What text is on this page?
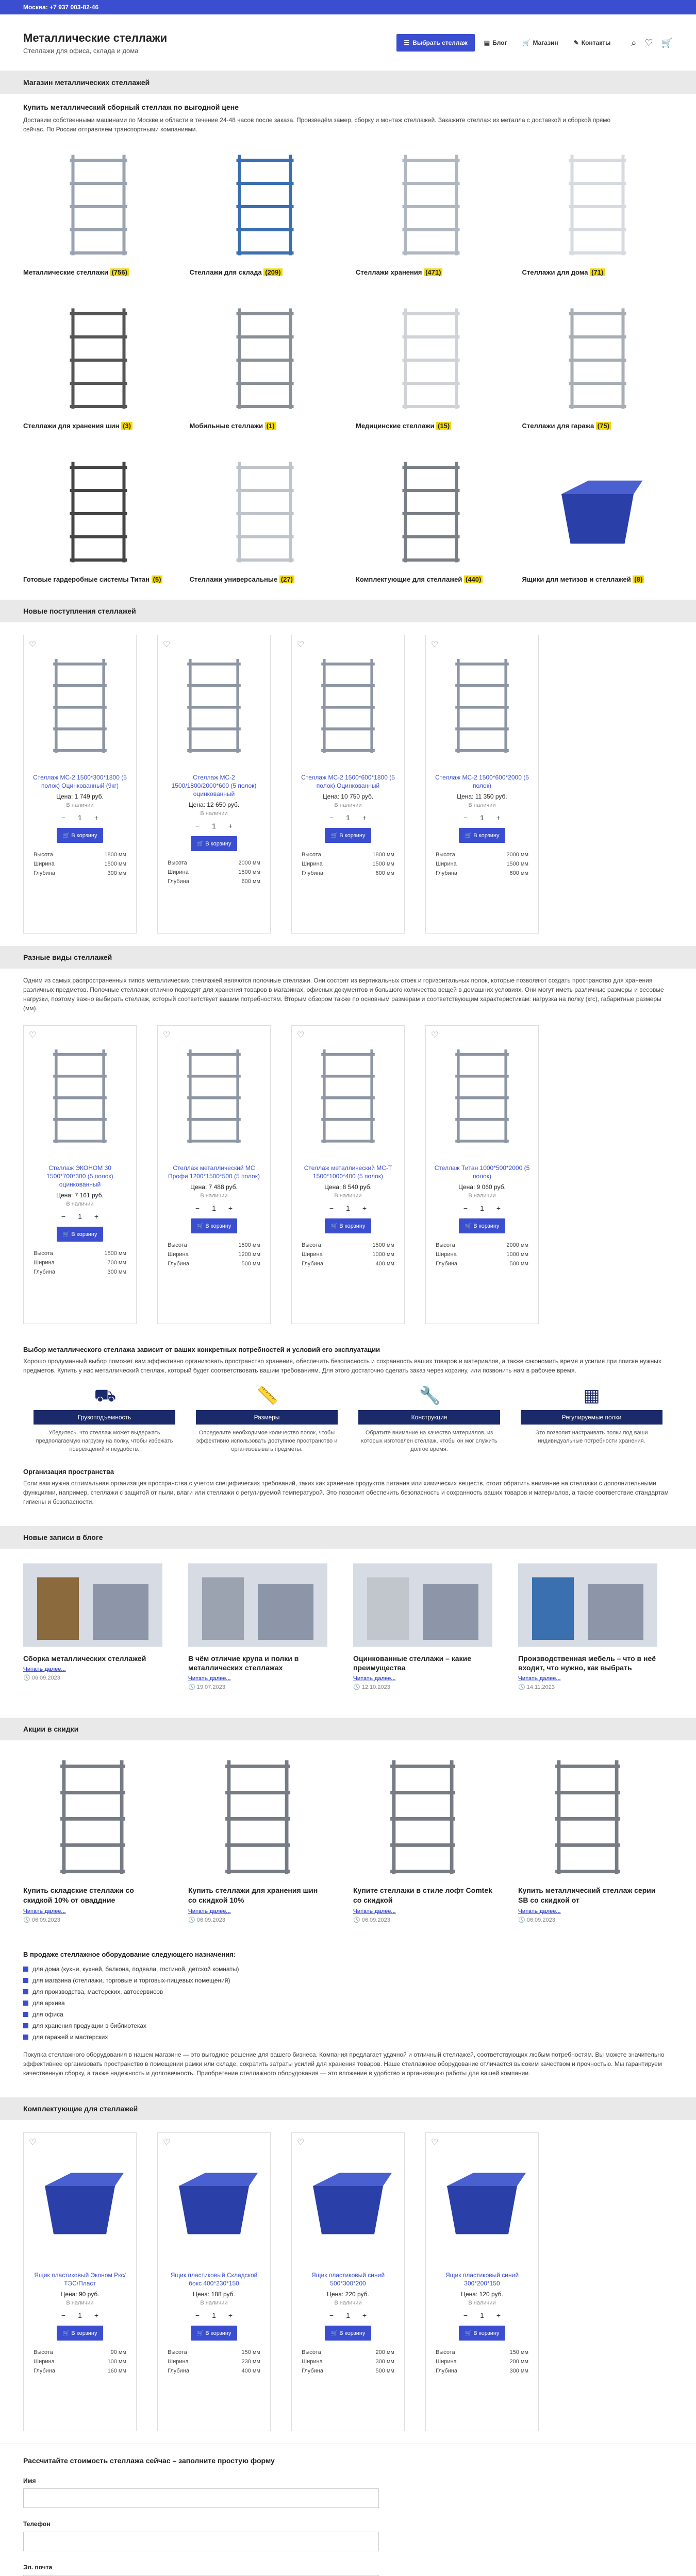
Москва: +7 937 003-82-46
Металлические стеллажи
Стеллажи для офиса, склада и дома
☰ Выбрать стеллаж	▤ Блог	🛒 Магазин	✎ Контакты ⌕ ♡ 🛒
Магазин металлических стеллажей
Купить металлический сборный стеллаж по выгодной цене
Доставим собственными машинами по Москве и области в течение 24-48 часов после заказа. Произведём замер, сборку и монтаж стеллажей. Закажите стеллаж из металла с доставкой и сборкой прямо сейчас. По России отправляем транспортными компаниями.
Металлические стеллажи (756)	Стеллажи для склада (209)	Стеллажи хранения (471)	Стеллажи для дома (71)
Стеллажи для хранения шин (3)	Мобильные стеллажи (1)	Медицинские стеллажи (15)	Стеллажи для гаража (75)
Готовые гардеробные системы Титан (5)	Стеллажи универсальные (27)	Комплектующие для стеллажей (440)	Ящики для метизов и стеллажей (8)
Новые поступления стеллажей
♡
Стеллаж МС-2 1500*300*1800 (5 полок) Оцинкованный (9кг)
Цена: 1 749 руб.
В наличии
−	1	+
🛒 В корзину
Высота	1800 мм
Ширина	1500 мм
Глубина	300 мм
♡
Стеллаж МС-2 1500/1800/2000*600 (5 полок) оцинкованный
Цена: 12 650 руб.
В наличии
−	1	+
🛒 В корзину
Высота	2000 мм
Ширина	1500 мм
Глубина	600 мм
♡
Стеллаж МС-2 1500*600*1800 (5 полок) Оцинкованный
Цена: 10 750 руб.
В наличии
−	1	+
🛒 В корзину
Высота	1800 мм
Ширина	1500 мм
Глубина	600 мм
♡
Стеллаж МС-2 1500*600*2000 (5 полок)
Цена: 11 350 руб.
В наличии
−	1	+
🛒 В корзину
Высота	2000 мм
Ширина	1500 мм
Глубина	600 мм
Разные виды стеллажей
Одним из самых распространенных типов металлических стеллажей являются полочные стеллажи. Они состоят из вертикальных стоек и горизонтальных полок, которые позволяют создать пространство для хранения различных предметов. Полочные стеллажи отлично подходят для хранения товаров в магазинах, офисных документов и большого количества вещей в домашних условиях. Они могут иметь различные размеры и весовые нагрузки, поэтому важно выбирать стеллаж, который соответствует вашим потребностям. Вторым обзором также по основным размерам и соответствующим характеристикам: нагрузка на полку (кгс), габаритные размеры (мм).
♡
Стеллаж ЭКОНОМ 30 1500*700*300 (5 полок) оцинкованный
Цена: 7 161 руб.
В наличии
−	1	+
🛒 В корзину
Высота	1500 мм
Ширина	700 мм
Глубина	300 мм
♡
Стеллаж металлический МС Профи 1200*1500*500 (5 полок)
Цена: 7 488 руб.
В наличии
−	1	+
🛒 В корзину
Высота	1500 мм
Ширина	1200 мм
Глубина	500 мм
♡
Стеллаж металлический МС-Т 1500*1000*400 (5 полок)
Цена: 8 540 руб.
В наличии
−	1	+
🛒 В корзину
Высота	1500 мм
Ширина	1000 мм
Глубина	400 мм
♡
Стеллаж Титан 1000*500*2000 (5 полок)
Цена: 9 060 руб.
В наличии
−	1	+
🛒 В корзину
Высота	2000 мм
Ширина	1000 мм
Глубина	500 мм
Выбор металлического стеллажа зависит от ваших конкретных потребностей и условий его эксплуатации
Хорошо продуманный выбор поможет вам эффективно организовать пространство хранения, обеспечить безопасность и сохранность ваших товаров и материалов, а также сэкономить время и усилия при поиске нужных предметов. Купить у нас металлический стеллаж, который будет соответствовать вашим требованиям. Для этого достаточно сделать заказ через корзину, или позвонить нам в рабочее время.
⛟
Грузоподъемность
Убедитесь, что стеллаж может выдержать предполагаемую нагрузку на полку, чтобы избежать повреждений и неудобств.
📏
Размеры
Определите необходимое количество полок, чтобы эффективно использовать доступное пространство и организовывать предметы.
🔧
Конструкция
Обратите внимание на качество материалов, из которых изготовлен стеллаж, чтобы он мог служить долгое время.
▦
Регулируемые полки
Это позволит настраивать полки под ваши индивидуальные потребности хранения.
Организация пространства
Если вам нужна оптимальная организация пространства с учетом специфических требований, таких как хранение продуктов питания или химических веществ, стоит обратить внимание на стеллажи с дополнительными функциями, например, стеллажи с защитой от пыли, влаги или стеллажи с регулируемой температурой. Это позволит обеспечить безопасность и сохранность ваших товаров и материалов, а также соответствие стандартам гигиены и безопасности.
Новые записи в блоге
Сборка металлических стеллажей
Читать далее...
🕓 06.09.2023
В чём отличие крупа и полки в металлических стеллажах
Читать далее...
🕓 19.07.2023
Оцинкованные стеллажи – какие преимущества
Читать далее...
🕓 12.10.2023
Производственная мебель – что в неё входит, что нужно, как выбрать
Читать далее...
🕓 14.11.2023
Акции в скидки
Купить складские стеллажи со скидкой 10% от оваддние
Читать далее...
🕓 06.09.2023
Купить стеллажи для хранения шин со скидкой 10%
Читать далее...
🕓 06.09.2023
Купите стеллажи в стиле лофт Comtek со скидкой
Читать далее...
🕓 06.09.2023
Купить металлический стеллаж серии SB со скидкой от
Читать далее...
🕓 06.09.2023
В продаже стеллажное оборудование следующего назначения:
для дома (кухни, кухней, балкона, подвала, гостиной, детской комнаты)
для магазина (стеллажи, торговые и торговых-пищевых помещений)
для производства, мастерских, автосервисов
для архива
для офиса
для хранения продукции в библиотеках
для гаражей и мастерских
Покупка стеллажного оборудования в нашем магазине — это выгодное решение для вашего бизнеса. Компания предлагает удачной и отличный стеллажей, соответствующих любым потребностям. Вы можете значительно эффективнее организовать пространство в помещении рамки или складе, сократить затраты усилий для хранения товаров. Наше стеллажное оборудование отличается высоким качеством и прочностью. Мы гарантируем качественную сборку, а также надежность и долговечность. Приобретение стеллажного оборудования — это вложение в удобство и организацию работы для вашей компании.
Комплектующие для стеллажей
♡
Ящик пластиковый Эконом Ркс/ТЭС/Пласт
Цена: 90 руб.
В наличии
−	1	+
🛒 В корзину
Высота	90 мм
Ширина	100 мм
Глубина	160 мм
♡
Ящик пластиковый Складской бокс 400*230*150
Цена: 188 руб.
В наличии
−	1	+
🛒 В корзину
Высота	150 мм
Ширина	230 мм
Глубина	400 мм
♡
Ящик пластиковый синий 500*300*200
Цена: 220 руб.
В наличии
−	1	+
🛒 В корзину
Высота	200 мм
Ширина	300 мм
Глубина	500 мм
♡
Ящик пластиковый синий 300*200*150
Цена: 120 руб.
В наличии
−	1	+
🛒 В корзину
Высота	150 мм
Ширина	200 мм
Глубина	300 мм
Рассчитайте стоимость стеллажа сейчас – заполните простую форму
Имя
Телефон
Эл. почта
